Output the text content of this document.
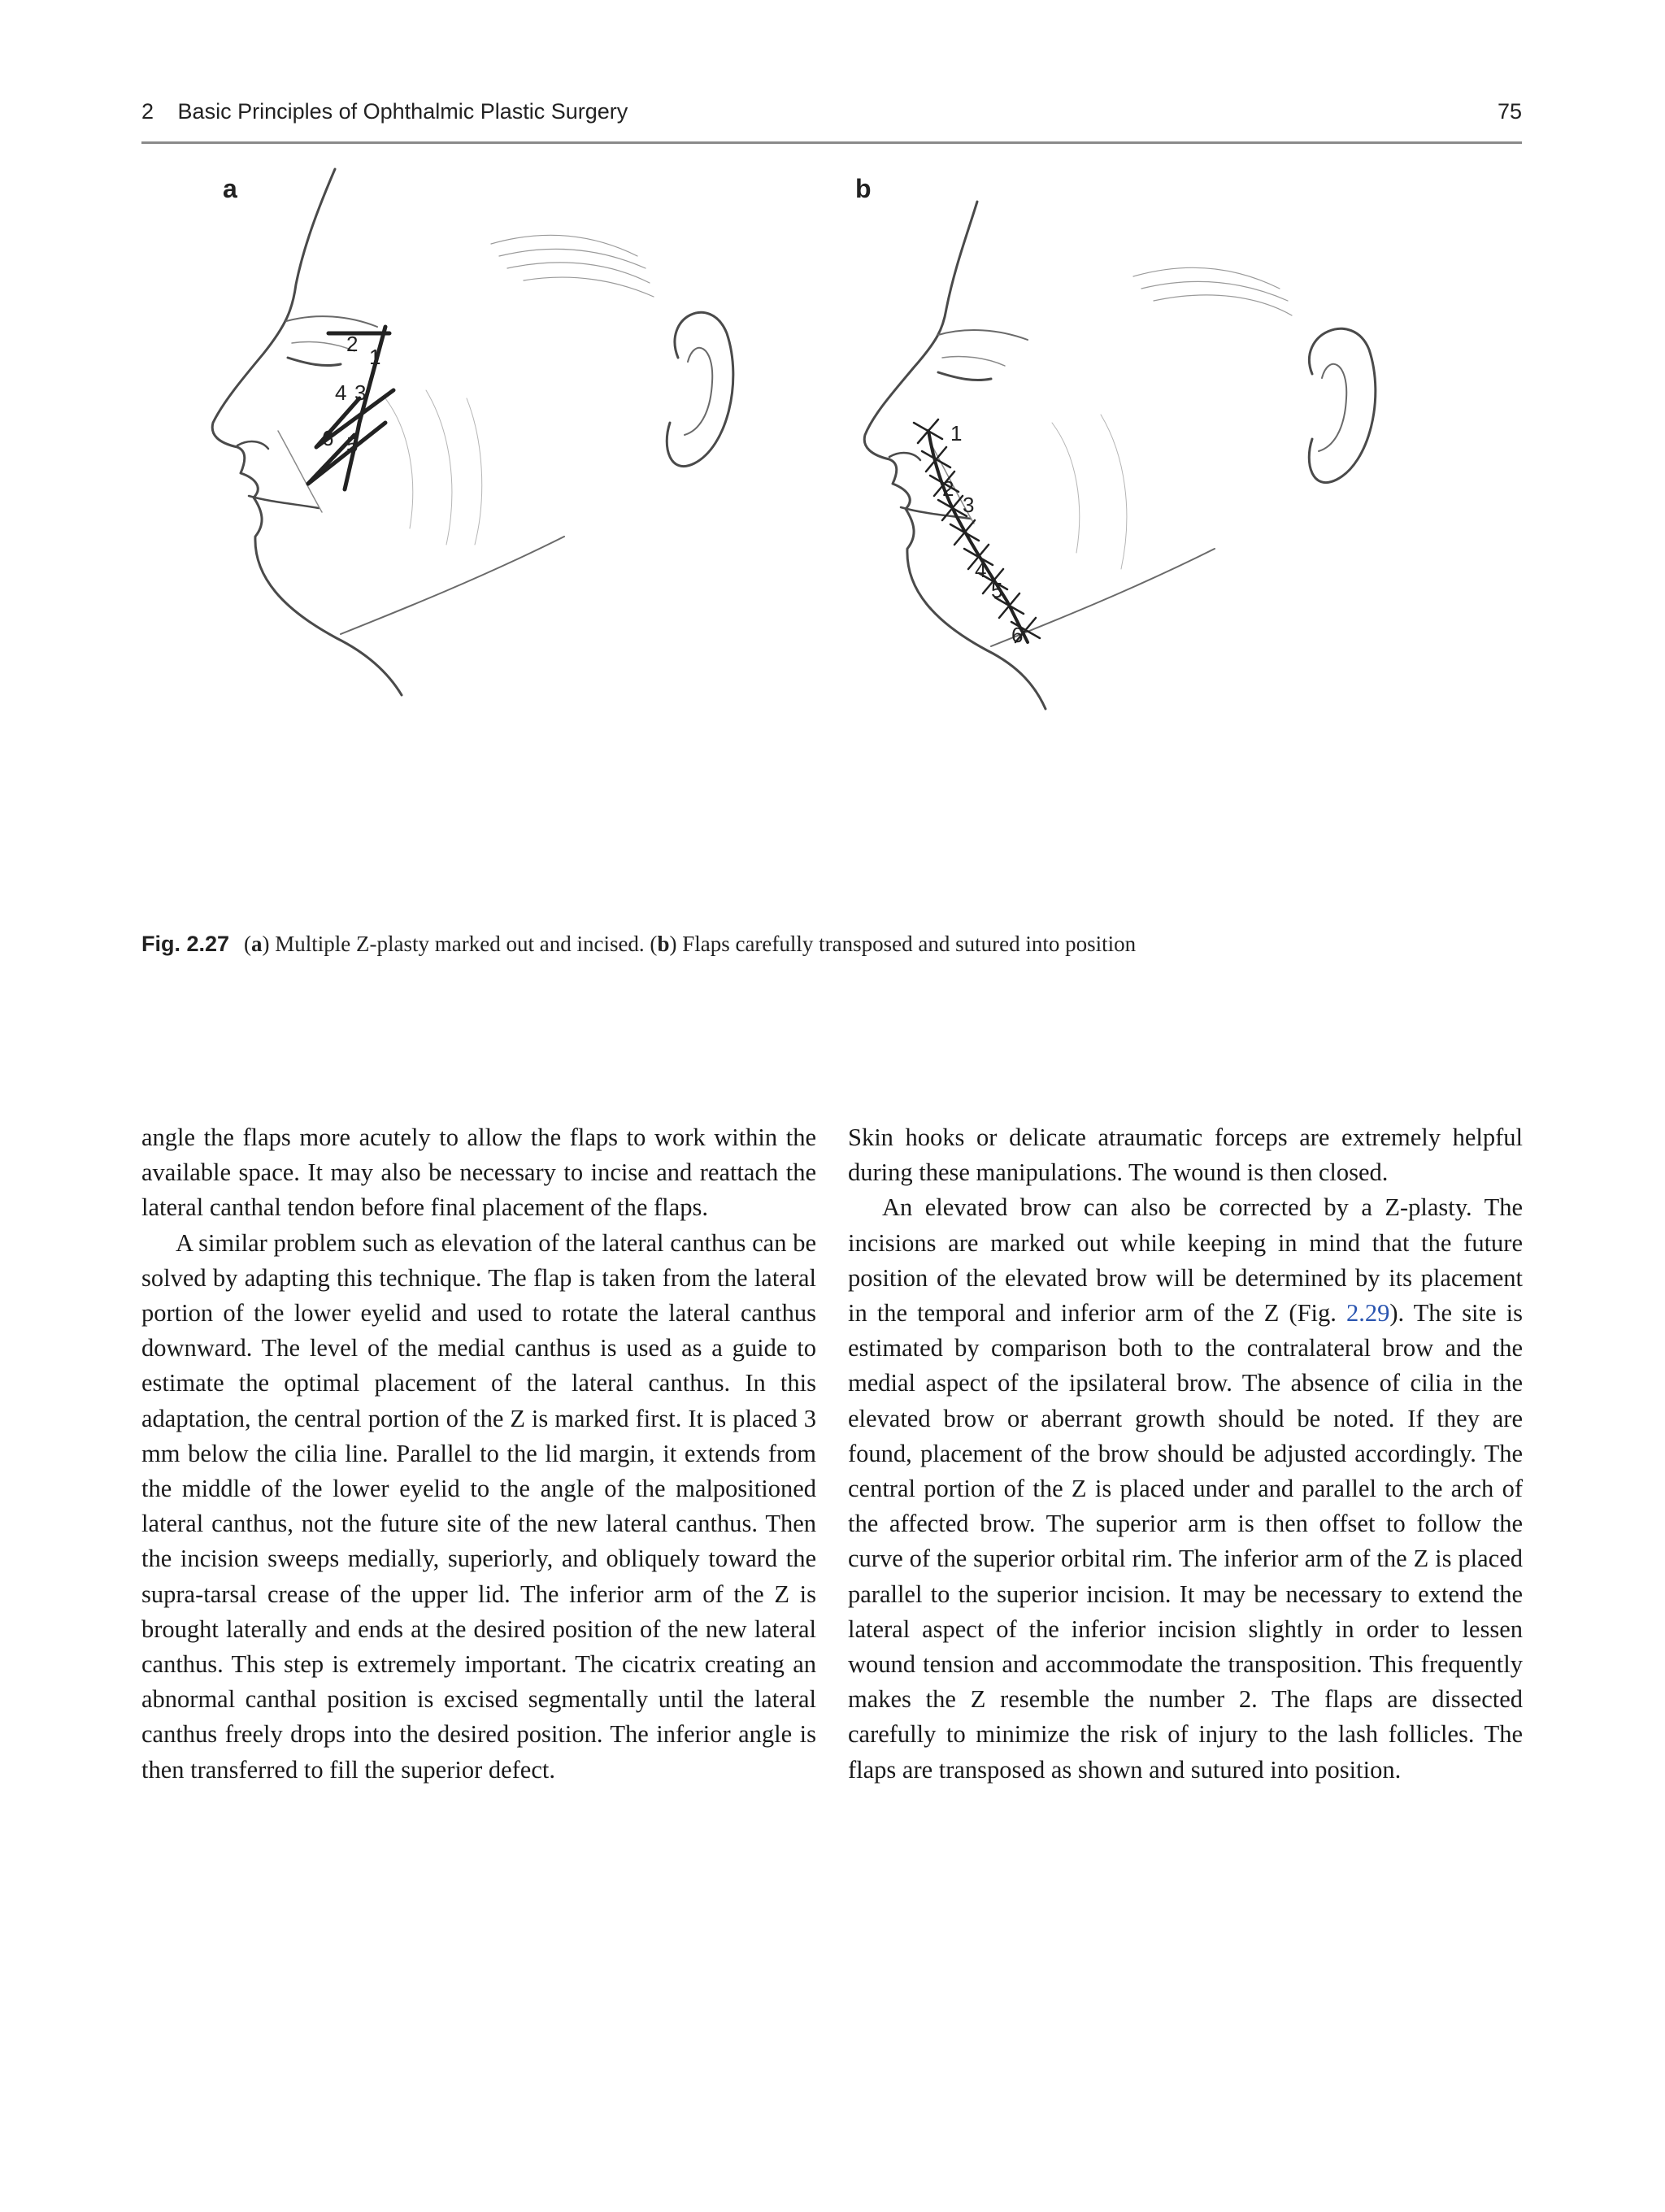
2 Basic Principles of Ophthalmic Plastic Surgery	75
a
2
1
4 3
6 5
b
1
2
3
4
5
6
Fig. 2.27 (a) Multiple Z-plasty marked out and incised. (b) Flaps carefully transposed and sutured into position

angle the flaps more acutely to allow the flaps to work within the available space. It may also be necessary to incise and reattach the lateral canthal tendon before final placement of the flaps.

A similar problem such as elevation of the lateral canthus can be solved by adapting this technique. The flap is taken from the lateral portion of the lower eyelid and used to rotate the lateral canthus downward. The level of the medial canthus is used as a guide to estimate the optimal placement of the lateral canthus. In this adaptation, the central portion of the Z is marked first. It is placed 3 mm below the cilia line. Parallel to the lid margin, it extends from the middle of the lower eyelid to the angle of the malpositioned lateral canthus, not the future site of the new lateral canthus. Then the incision sweeps medially, superiorly, and obliquely toward the supra-tarsal crease of the upper lid. The inferior arm of the Z is brought laterally and ends at the desired position of the new lateral canthus. This step is extremely important. The cicatrix creating an abnormal canthal position is excised segmentally until the lateral canthus freely drops into the desired position. The inferior angle is then transferred to fill the superior defect.

Skin hooks or delicate atraumatic forceps are extremely helpful during these manipulations. The wound is then closed.

An elevated brow can also be corrected by a Z-plasty. The incisions are marked out while keeping in mind that the future position of the elevated brow will be determined by its placement in the temporal and inferior arm of the Z (Fig. 2.29). The site is estimated by comparison both to the contralateral brow and the medial aspect of the ipsilateral brow. The absence of cilia in the elevated brow or aberrant growth should be noted. If they are found, placement of the brow should be adjusted accordingly. The central portion of the Z is placed under and parallel to the arch of the affected brow. The superior arm is then offset to follow the curve of the superior orbital rim. The inferior arm of the Z is placed parallel to the superior incision. It may be necessary to extend the lateral aspect of the inferior incision slightly in order to lessen wound tension and accommodate the transposition. This frequently makes the Z resemble the number 2. The flaps are dissected carefully to minimize the risk of injury to the lash follicles. The flaps are transposed as shown and sutured into position.
